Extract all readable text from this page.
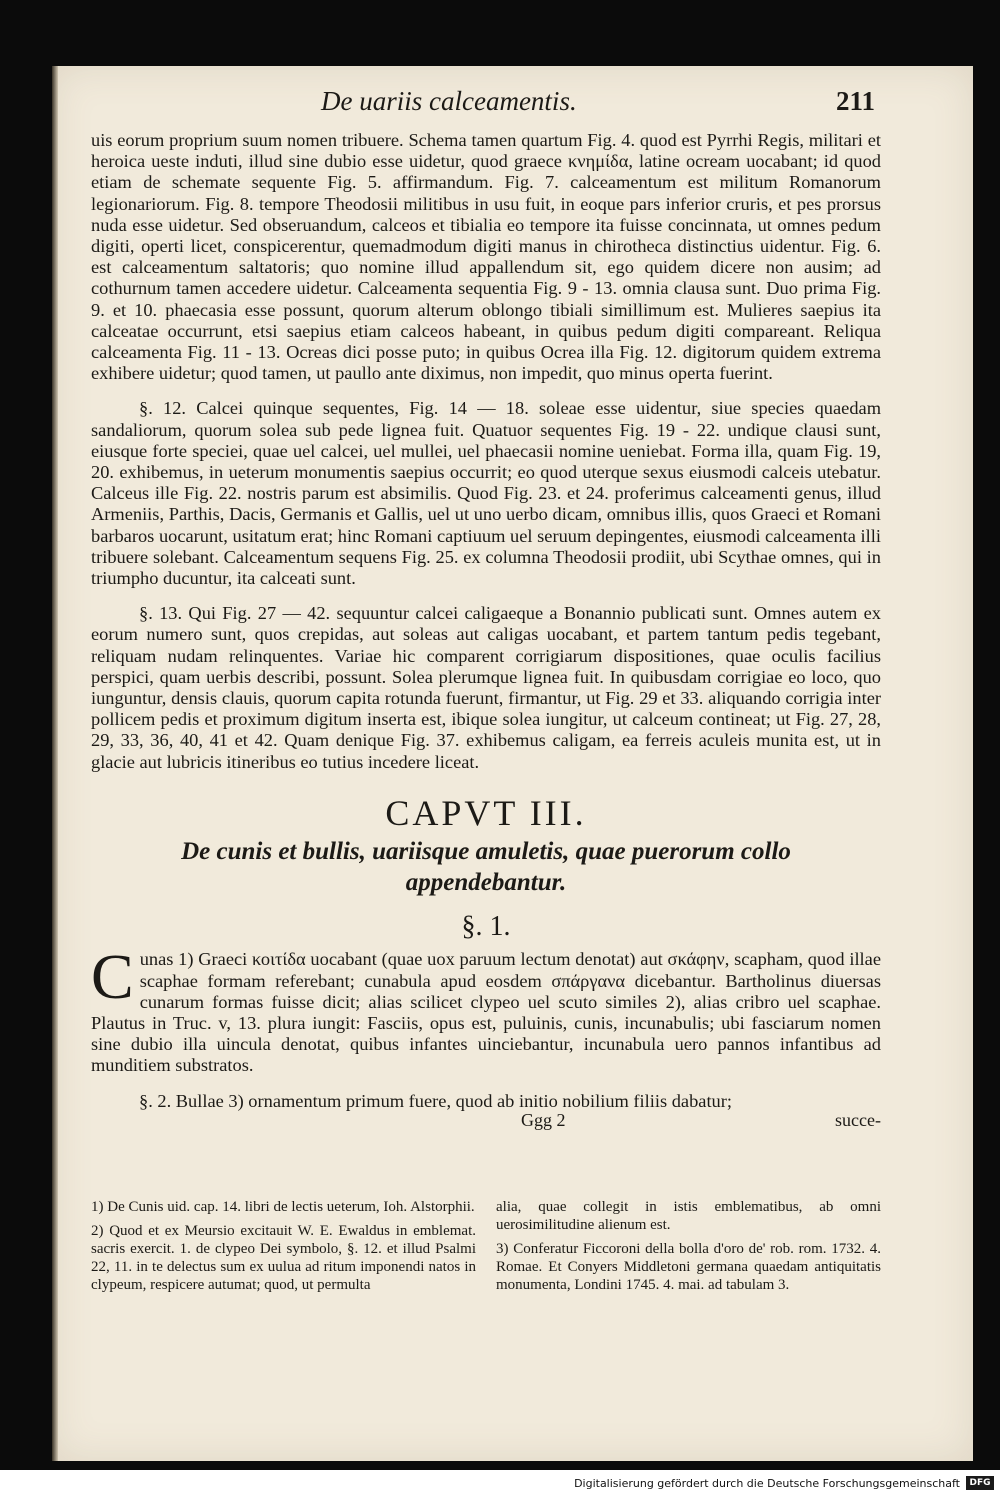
De uariis calceamentis.	211

uis eorum proprium suum nomen tribuere. Schema tamen quartum Fig. 4. quod est Pyrrhi Regis, militari et heroica ueste induti, illud sine dubio esse uidetur, quod graece κνημίδα, latine ocream uocabant; id quod etiam de schemate sequente Fig. 5. affirmandum. Fig. 7. calceamentum est militum Romanorum legionariorum. Fig. 8. tempore Theodosii militibus in usu fuit, in eoque pars inferior cruris, et pes prorsus nuda esse uidetur. Sed obseruandum, calceos et tibialia eo tempore ita fuisse concinnata, ut omnes pedum digiti, operti licet, conspicerentur, quemadmodum digiti manus in chirotheca distinctius uidentur. Fig. 6. est calceamentum saltatoris; quo nomine illud appallendum sit, ego quidem dicere non ausim; ad cothurnum tamen accedere uidetur. Calceamenta sequentia Fig. 9 - 13. omnia clausa sunt. Duo prima Fig. 9. et 10. phaecasia esse possunt, quorum alterum oblongo tibiali simillimum est. Mulieres saepius ita calceatae occurrunt, etsi saepius etiam calceos habeant, in quibus pedum digiti compareant. Reliqua calceamenta Fig. 11 - 13. Ocreas dici posse puto; in quibus Ocrea illa Fig. 12. digitorum quidem extrema exhibere uidetur; quod tamen, ut paullo ante diximus, non impedit, quo minus operta fuerint.

§. 12. Calcei quinque sequentes, Fig. 14 — 18. soleae esse uidentur, siue species quaedam sandaliorum, quorum solea sub pede lignea fuit. Quatuor sequentes Fig. 19 - 22. undique clausi sunt, eiusque forte speciei, quae uel calcei, uel mullei, uel phaecasii nomine ueniebat. Forma illa, quam Fig. 19, 20. exhibemus, in ueterum monumentis saepius occurrit; eo quod uterque sexus eiusmodi calceis utebatur. Calceus ille Fig. 22. nostris parum est absimilis. Quod Fig. 23. et 24. proferimus calceamenti genus, illud Armeniis, Parthis, Dacis, Germanis et Gallis, uel ut uno uerbo dicam, omnibus illis, quos Graeci et Romani barbaros uocarunt, usitatum erat; hinc Romani captiuum uel seruum depingentes, eiusmodi calceamenta illi tribuere solebant. Calceamentum sequens Fig. 25. ex columna Theodosii prodiit, ubi Scythae omnes, qui in triumpho ducuntur, ita calceati sunt.

§. 13. Qui Fig. 27 — 42. sequuntur calcei caligaeque a Bonannio publicati sunt. Omnes autem ex eorum numero sunt, quos crepidas, aut soleas aut caligas uocabant, et partem tantum pedis tegebant, reliquam nudam relinquentes. Variae hic comparent corrigiarum dispositiones, quae oculis facilius perspici, quam uerbis describi, possunt. Solea plerumque lignea fuit. In quibusdam corrigiae eo loco, quo iunguntur, densis clauis, quorum capita rotunda fuerunt, firmantur, ut Fig. 29 et 33. aliquando corrigia inter pollicem pedis et proximum digitum inserta est, ibique solea iungitur, ut calceum contineat; ut Fig. 27, 28, 29, 33, 36, 40, 41 et 42. Quam denique Fig. 37. exhibemus caligam, ea ferreis aculeis munita est, ut in glacie aut lubricis itineribus eo tutius incedere liceat.

CAPVT III.
De cunis et bullis, uariisque amuletis, quae puerorum collo appendebantur.
§. 1.

Cunas 1) Graeci κοιτίδα uocabant (quae uox paruum lectum denotat) aut σκάφην, scapham, quod illae scaphae formam referebant; cunabula apud eosdem σπάργανα dicebantur. Bartholinus diuersas cunarum formas fuisse dicit; alias scilicet clypeo uel scuto similes 2), alias cribro uel scaphae. Plautus in Truc. v, 13. plura iungit: Fasciis, opus est, puluinis, cunis, incunabulis; ubi fasciarum nomen sine dubio illa uincula denotat, quibus infantes uinciebantur, incunabula uero pannos infantibus ad munditiem substratos.

§. 2. Bullae 3) ornamentum primum fuere, quod ab initio nobilium filiis dabatur;

Ggg 2	succe-

1) De Cunis uid. cap. 14. libri de lectis ueterum, Ioh. Alstorphii.

2) Quod et ex Meursio excitauit W. E. Ewaldus in emblemat. sacris exercit. 1. de clypeo Dei symbolo, §. 12. et illud Psalmi 22, 11. in te delectus sum ex uulua ad ritum imponendi natos in clypeum, respicere autumat; quod, ut permulta

alia, quae collegit in istis emblematibus, ab omni uerosimilitudine alienum est.

3) Conferatur Ficcoroni della bolla d'oro de' rob. rom. 1732. 4. Romae. Et Conyers Middletoni germana quaedam antiquitatis monumenta, Londini 1745. 4. mai. ad tabulam 3.

Digitalisierung gefördert durch die Deutsche Forschungsgemeinschaft	DFG
